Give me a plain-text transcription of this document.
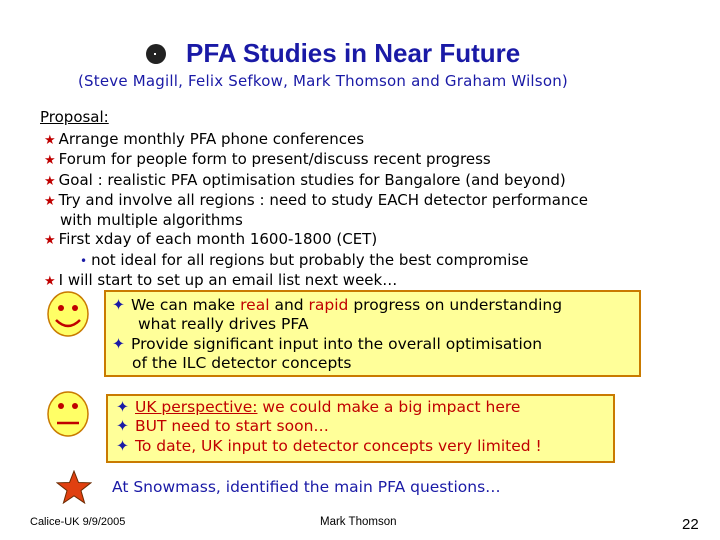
PFA Studies in Near Future
(Steve Magill, Felix Sefkow, Mark Thomson and Graham Wilson)
Proposal:
★ Arrange monthly PFA phone conferences
★ Forum for people form to present/discuss recent progress
★ Goal : realistic PFA optimisation studies for Bangalore (and beyond)
★ Try and involve all regions : need to study EACH detector performance
with multiple algorithms
★ First xday of each month 1600-1800 (CET)
• not ideal for all regions but probably the best compromise
★ I will start to set up an email list next week…
✦ We can make real and rapid progress on understanding
what really drives PFA
✦ Provide significant input into the overall optimisation
of the ILC detector concepts
✦ UK perspective: we could make a big impact here
✦ BUT need to start soon…
✦ To date, UK input to detector concepts very limited !
At Snowmass, identified the main PFA questions…
Calice-UK 9/9/2005	Mark Thomson	22
